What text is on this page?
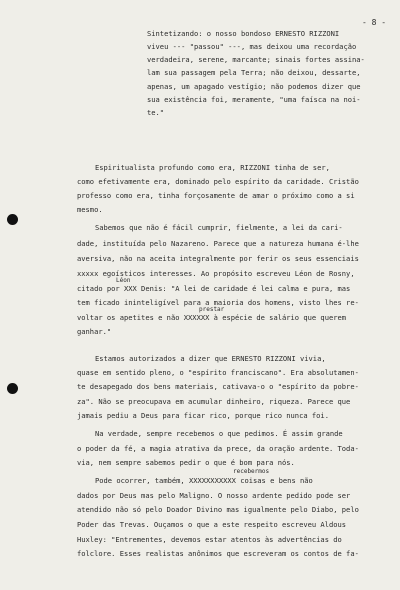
- 8 -
Sintetizando: o nosso bondoso ERNESTO RIZZONI
viveu --- "passou" ---, mas deixou uma recordação
verdadeira, serene, marcante; sinais fortes assina-
lam sua passagem pela Terra; não deixou, dessarte,
apenas, um apagado vestígio; não podemos dizer que
sua existência foi, meramente, "uma faísca na noi-
te."
Espiritualista profundo como era, RIZZONI tinha de ser,
como efetivamente era, dominado pelo espírito da caridade. Cristão
professo como era, tinha forçosamente de amar o próximo como a si
mesmo.
Sabemos que não é fácil cumprir, fielmente, a lei da cari-
dade, instituída pelo Nazareno. Parece que a natureza humana é-lhe
aversiva, não na aceita integralmente por ferir os seus essenciais
xxxxx egoísticos interesses. Ao propósito escreveu Léon de Rosny,
Léon
citado por XXX Denis: "A lei de caridade é lei calma e pura, mas
tem ficado ininteligível para a maioria dos homens, visto lhes re-
prestar
voltar os apetites e não XXXXXX à espécie de salário que querem
ganhar."
Estamos autorizados a dizer que ERNESTO RIZZONI vivia,
quase em sentido pleno, o "espírito franciscano". Era absolutamen-
te desapegado dos bens materiais, cativava-o o "espírito da pobre-
za". Não se preocupava em acumular dinheiro, riqueza. Parece que
jamais pediu a Deus para ficar rico, porque rico nunca foi.
Na verdade, sempre recebemos o que pedimos. É assim grande
o poder da fé, a magia atrativa da prece, da oração ardente. Toda-
via, nem sempre sabemos pedir o que é bom para nós.
recebermos
Pode ocorrer, também, XXXXXXXXXXX coisas e bens não
dados por Deus mas pelo Maligno. O nosso ardente pedido pode ser
atendido não só pelo Doador Divino mas igualmente pelo Diabo, pelo
Poder das Trevas. Ouçamos o que a este respeito escreveu Aldous
Huxley: "Entrementes, devemos estar atentos às advertências do
folclore. Esses realistas anônimos que escreveram os contos de fa-
